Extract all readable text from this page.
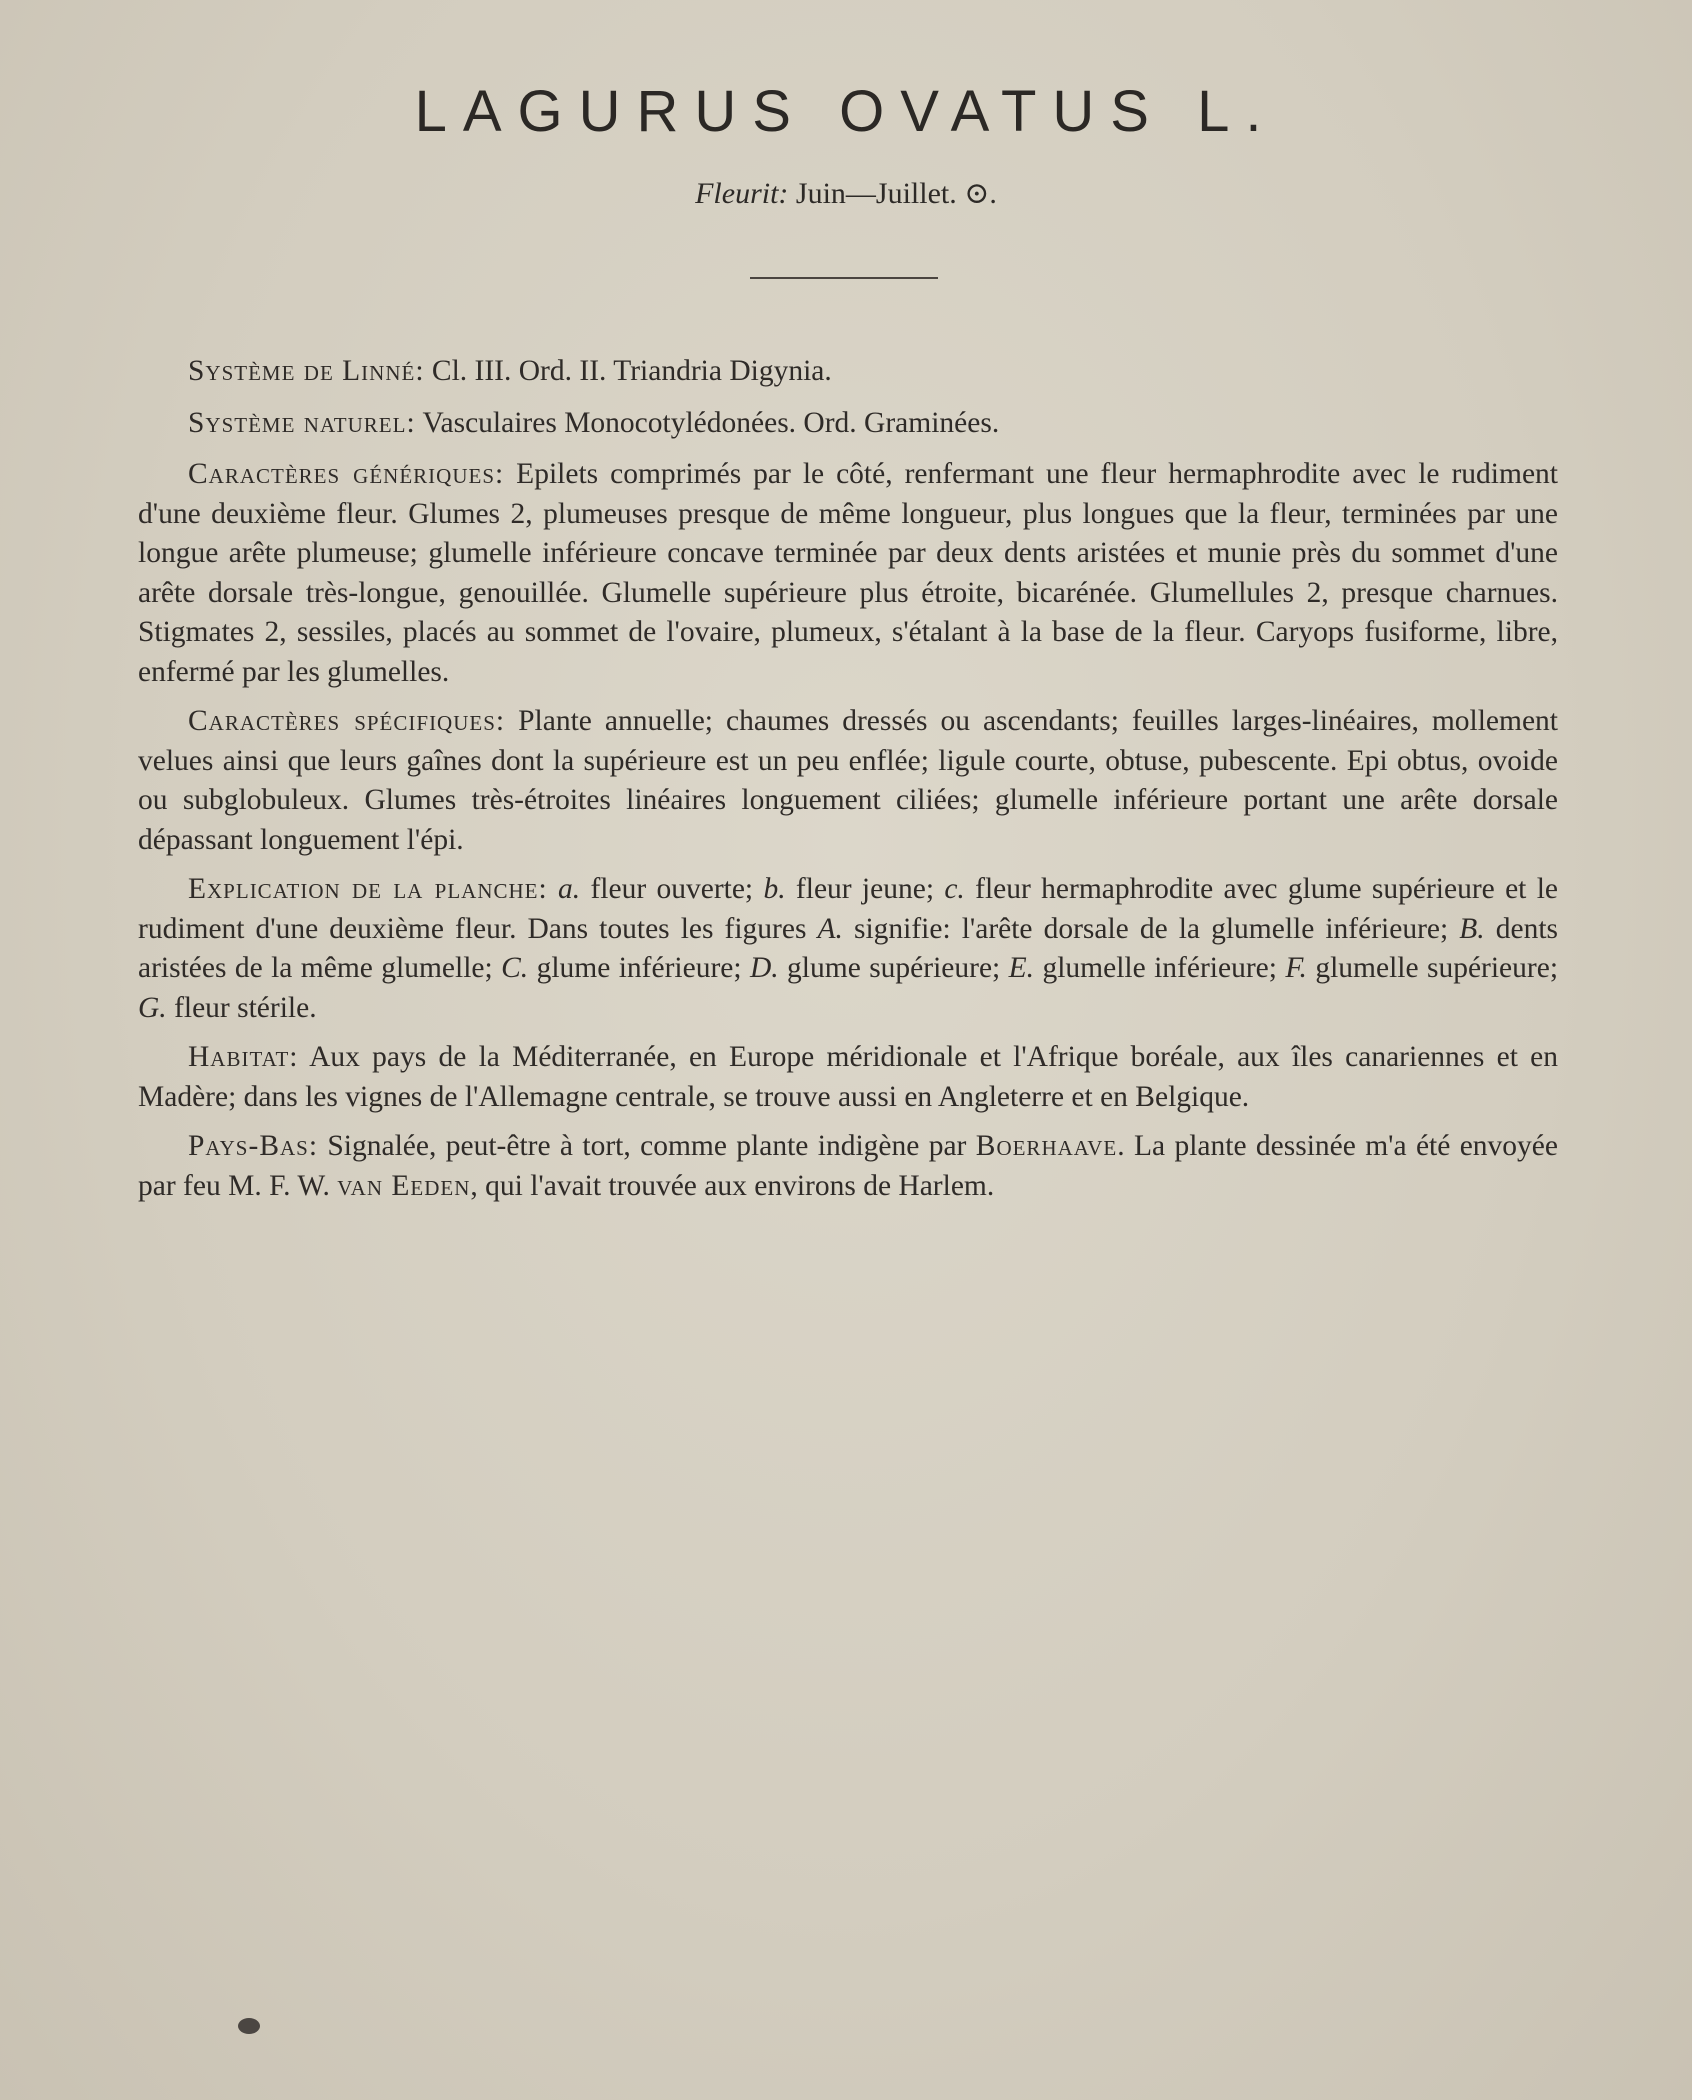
LAGURUS OVATUS L.
Fleurit: Juin—Juillet. ⊙.

Système de Linné: Cl. III. Ord. II. Triandria Digynia.

Système naturel: Vasculaires Monocotylédonées. Ord. Graminées.

Caractères génériques: Epilets comprimés par le côté, renfermant une fleur hermaphrodite avec le rudiment d'une deuxième fleur. Glumes 2, plumeuses presque de même longueur, plus longues que la fleur, terminées par une longue arête plumeuse; glumelle inférieure concave terminée par deux dents aristées et munie près du sommet d'une arête dorsale très-longue, genouillée. Glumelle supérieure plus étroite, bicarénée. Glumellules 2, presque charnues. Stigmates 2, sessiles, placés au sommet de l'ovaire, plumeux, s'étalant à la base de la fleur. Caryops fusiforme, libre, enfermé par les glumelles.

Caractères spécifiques: Plante annuelle; chaumes dressés ou ascendants; feuilles larges-linéaires, mollement velues ainsi que leurs gaînes dont la supérieure est un peu enflée; ligule courte, obtuse, pubescente. Epi obtus, ovoide ou subglobuleux. Glumes très-étroites linéaires longuement ciliées; glumelle inférieure portant une arête dorsale dépassant longuement l'épi.

Explication de la planche: a. fleur ouverte; b. fleur jeune; c. fleur hermaphrodite avec glume supérieure et le rudiment d'une deuxième fleur. Dans toutes les figures A. signifie: l'arête dorsale de la glumelle inférieure; B. dents aristées de la même glumelle; C. glume inférieure; D. glume supérieure; E. glumelle inférieure; F. glumelle supérieure; G. fleur stérile.

Habitat: Aux pays de la Méditerranée, en Europe méridionale et l'Afrique boréale, aux îles canariennes et en Madère; dans les vignes de l'Allemagne centrale, se trouve aussi en Angleterre et en Belgique.

Pays-Bas: Signalée, peut-être à tort, comme plante indigène par Boerhaave. La plante dessinée m'a été envoyée par feu M. F. W. van Eeden, qui l'avait trouvée aux environs de Harlem.
